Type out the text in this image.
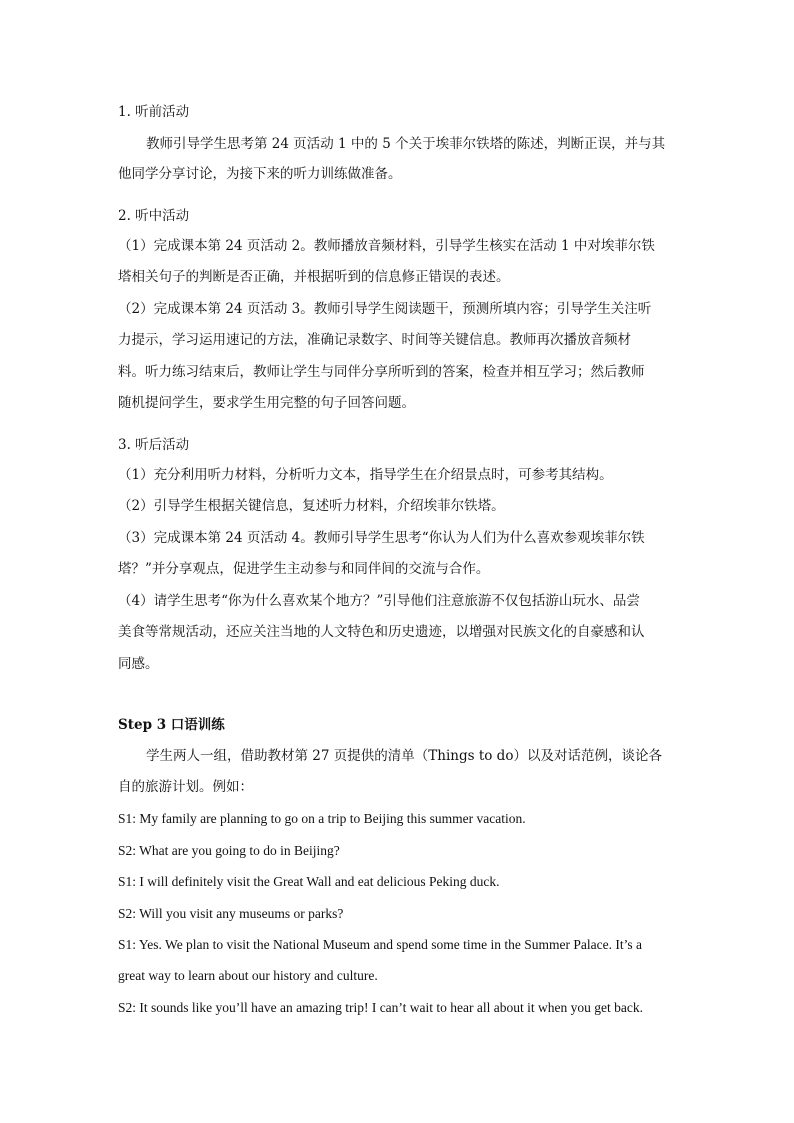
1. 听前活动
教师引导学生思考第 24 页活动 1 中的 5 个关于埃菲尔铁塔的陈述，判断正误，并与其
他同学分享讨论，为接下来的听力训练做准备。
2. 听中活动
（1）完成课本第 24 页活动 2。教师播放音频材料，引导学生核实在活动 1 中对埃菲尔铁
塔相关句子的判断是否正确，并根据听到的信息修正错误的表述。
（2）完成课本第 24 页活动 3。教师引导学生阅读题干，预测所填内容；引导学生关注听
力提示，学习运用速记的方法，准确记录数字、时间等关键信息。教师再次播放音频材
料。听力练习结束后，教师让学生与同伴分享所听到的答案，检查并相互学习；然后教师
随机提问学生，要求学生用完整的句子回答问题。
3. 听后活动
（1）充分利用听力材料，分析听力文本，指导学生在介绍景点时，可参考其结构。
（2）引导学生根据关键信息，复述听力材料，介绍埃菲尔铁塔。
（3）完成课本第 24 页活动 4。教师引导学生思考“你认为人们为什么喜欢参观埃菲尔铁
塔？”并分享观点，促进学生主动参与和同伴间的交流与合作。
（4）请学生思考“你为什么喜欢某个地方？”引导他们注意旅游不仅包括游山玩水、品尝
美食等常规活动，还应关注当地的人文特色和历史遗迹，以增强对民族文化的自豪感和认
同感。
Step 3 口语训练
学生两人一组，借助教材第 27 页提供的清单（Things to do）以及对话范例，谈论各
自的旅游计划。例如：
S1: My family are planning to go on a trip to Beijing this summer vacation.
S2: What are you going to do in Beijing?
S1: I will definitely visit the Great Wall and eat delicious Peking duck.
S2: Will you visit any museums or parks?
S1: Yes. We plan to visit the National Museum and spend some time in the Summer Palace. It’s a
great way to learn about our history and culture.
S2: It sounds like you’ll have an amazing trip! I can’t wait to hear all about it when you get back.
